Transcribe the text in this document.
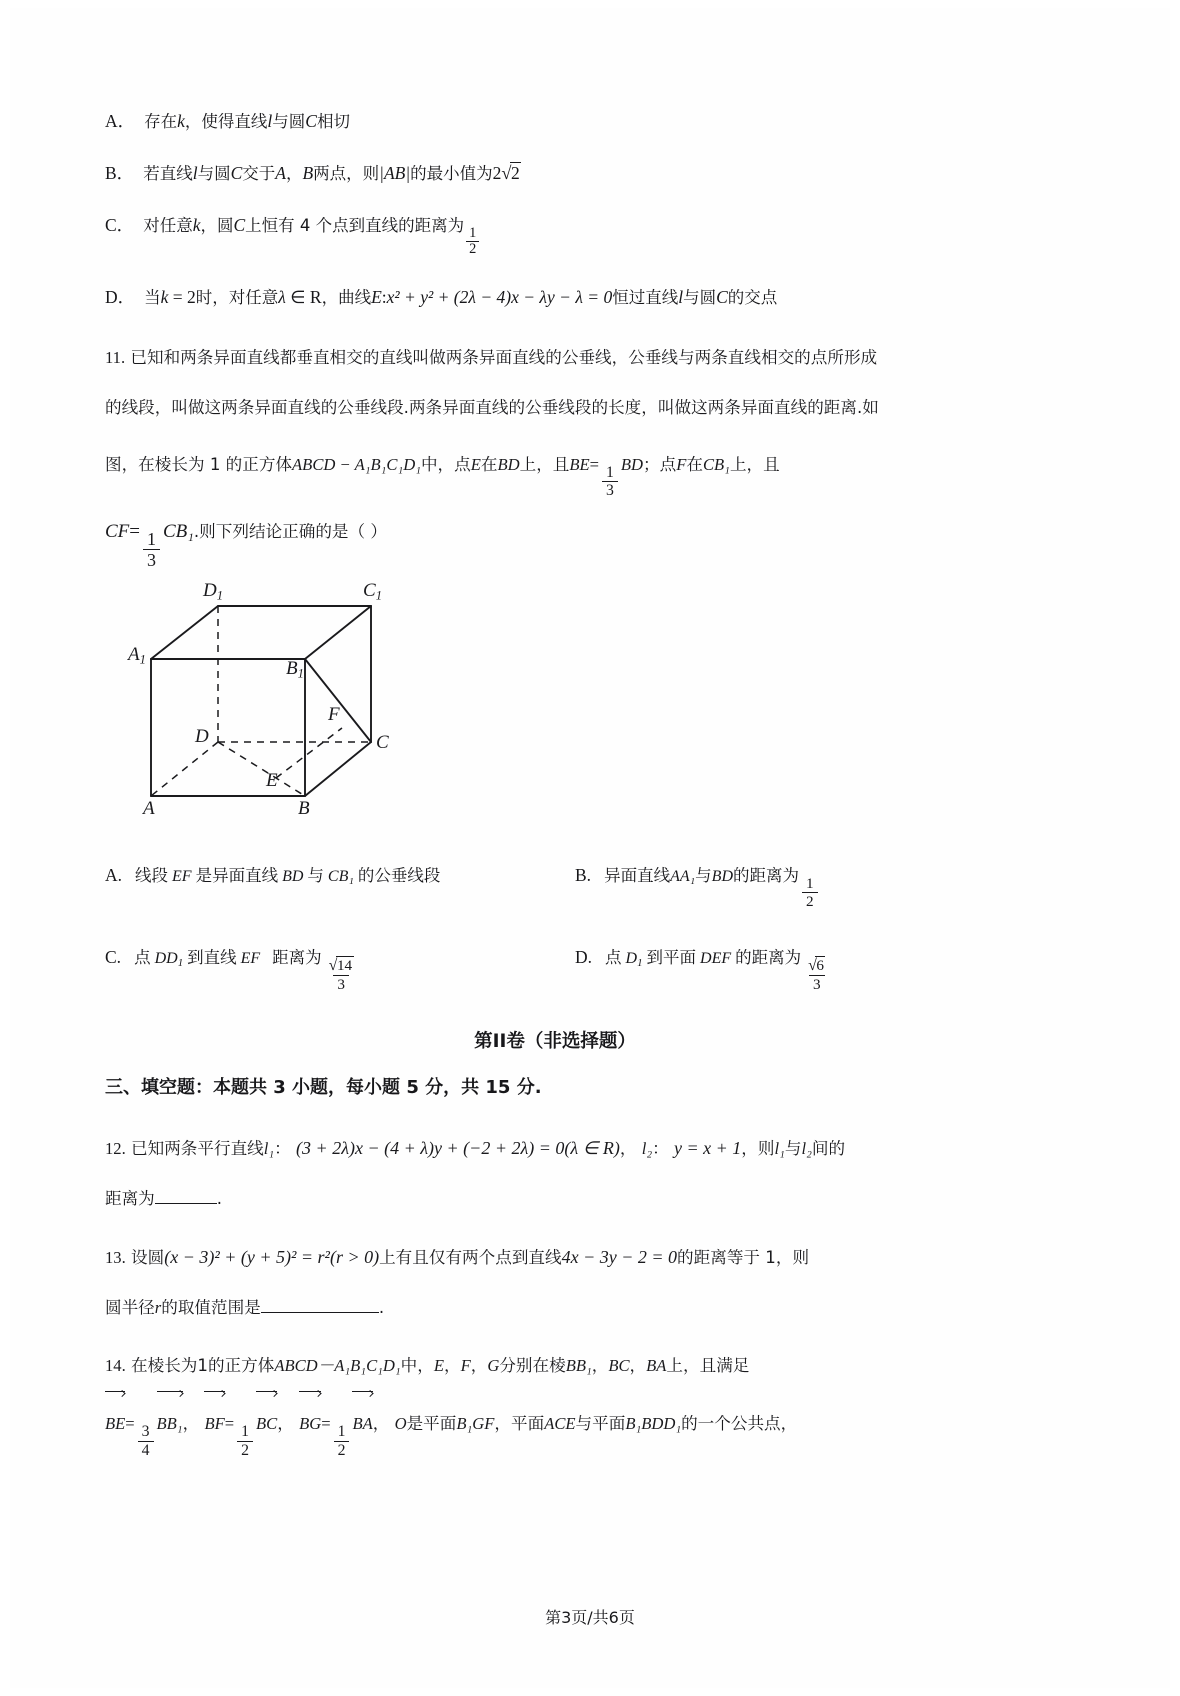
A． 存在k，使得直线l与圆C相切
B． 若直线l与圆C交于A，B两点，则|AB|的最小值为2√2
C． 对任意k，圆C上恒有 4 个点到直线的距离为
$\frac{1}{2}$
D． 当k = 2时，对任意λ ∈ R，曲线E:x² + y² + (2λ − 4)x − λy − λ = 0恒过直线l与圆C的交点
11. 已知和两条异面直线都垂直相交的直线叫做两条异面直线的公垂线，公垂线与两条直线相交的点所形成
的线段，叫做这两条异面直线的公垂线段.两条异面直线的公垂线段的长度，叫做这两条异面直线的距离.如
图，在棱长为 1 的正方体ABCD − A₁B₁C₁D₁中，点E在BD上，且$BE= \frac{1}{3}$ BD；点F在CB₁上，且
$CF= \frac{1}{3} CB_1$.则下列结论正确的是（ ）
$D_1$	$C_1$
$A_1$	$B_1$
D	C
F
E
A	B
A. 线段 EF 是异面直线 BD 与 CB₁ 的公垂线段	B. 异面直线AA₁与BD的距离为 $\frac{1}{2}$
C. 点 $DD_1$ 到直线 EF 距离为 $\frac{√14}{3}$	D. 点 $D_1$ 到平面 DEF 的距离为 $\frac{√6}{3}$
第II卷（非选择题）
三、填空题：本题共 3 小题，每小题 5 分，共 15 分.
12. 已知两条平行直线l₁： (3 + 2λ)x − (4 + λ)y + (−2 + 2λ) = 0(λ ∈ R)， l₂： y = x + 1，则l₁与l₂间的
距离为	.
13. 设圆(x − 3)² + (y + 5)² = r²(r > 0)上有且仅有两个点到直线4x − 3y − 2 = 0的距离等于 1，则
圆半径r的取值范围是	.
14. 在棱长为1的正方体ABCD－A₁B₁C₁D₁中，E，F，G分别在棱BB₁，BC，BA上，且满足
$BE= \frac{3}{4} BB_1$， $BF= \frac{1}{2}$ BC， $BG= \frac{1}{2}$ BA， O是平面B₁GF，平面ACE与平面B₁BDD₁的一个公共点，
第3页/共6页
